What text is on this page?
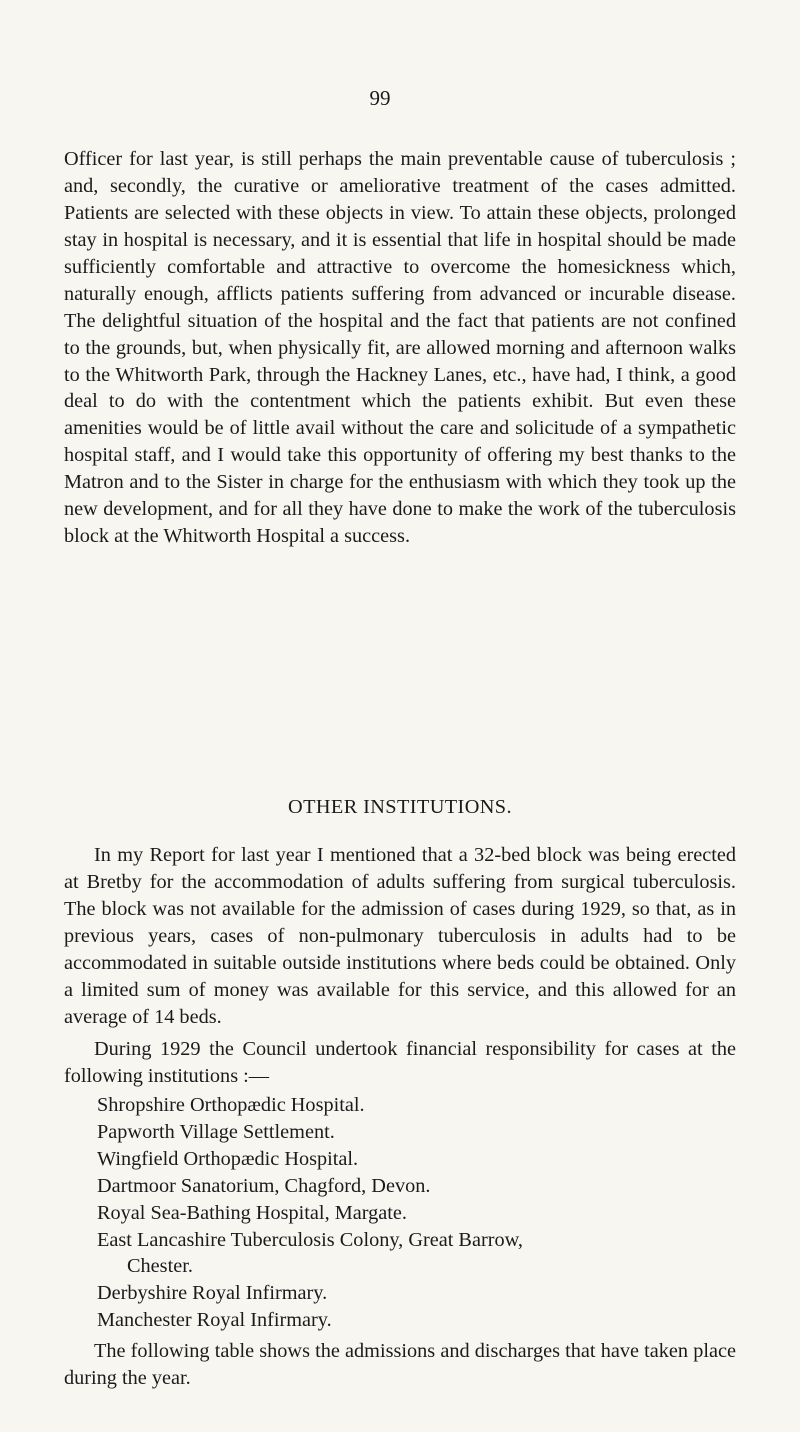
99

Officer for last year, is still perhaps the main preventable cause of tuberculosis ; and, secondly, the curative or ameliorative treatment of the cases admitted. Patients are selected with these objects in view. To attain these objects, prolonged stay in hospital is necessary, and it is essential that life in hospital should be made sufficiently comfortable and attractive to overcome the homesickness which, naturally enough, afflicts patients suffering from advanced or incurable disease. The delightful situation of the hospital and the fact that patients are not confined to the grounds, but, when physically fit, are allowed morning and afternoon walks to the Whitworth Park, through the Hackney Lanes, etc., have had, I think, a good deal to do with the contentment which the patients exhibit. But even these amenities would be of little avail without the care and solicitude of a sympathetic hospital staff, and I would take this opportunity of offering my best thanks to the Matron and to the Sister in charge for the enthusiasm with which they took up the new development, and for all they have done to make the work of the tuberculosis block at the Whitworth Hospital a success.

OTHER INSTITUTIONS.

In my Report for last year I mentioned that a 32-bed block was being erected at Bretby for the accommodation of adults suffering from surgical tuberculosis. The block was not available for the admission of cases during 1929, so that, as in previous years, cases of non-pulmonary tuberculosis in adults had to be accommodated in suitable outside institutions where beds could be obtained. Only a limited sum of money was available for this service, and this allowed for an average of 14 beds.

During 1929 the Council undertook financial responsibility for cases at the following institutions :—

Shropshire Orthopædic Hospital.
Papworth Village Settlement.
Wingfield Orthopædic Hospital.
Dartmoor Sanatorium, Chagford, Devon.
Royal Sea-Bathing Hospital, Margate.
East Lancashire Tuberculosis Colony, Great Barrow,
Chester.
Derbyshire Royal Infirmary.
Manchester Royal Infirmary.

The following table shows the admissions and discharges that have taken place during the year.
